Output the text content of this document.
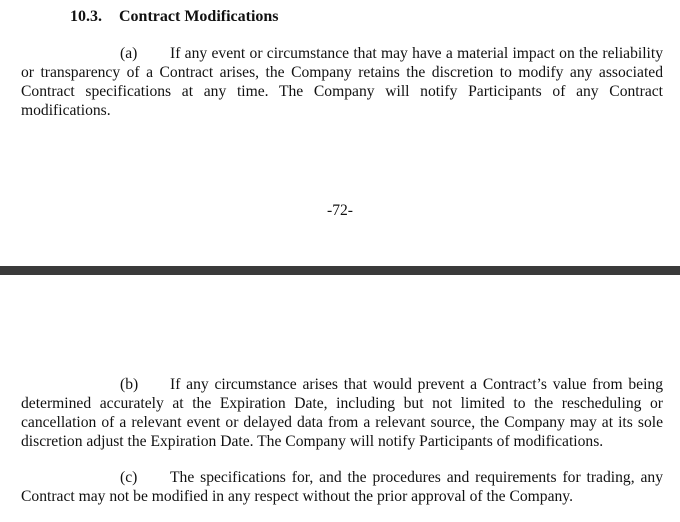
10.3. Contract Modifications

(a) If any event or circumstance that may have a material impact on the reliability or transparency of a Contract arises, the Company retains the discretion to modify any associated Contract specifications at any time. The Company will notify Participants of any Contract modifications.

-72-

(b) If any circumstance arises that would prevent a Contract’s value from being determined accurately at the Expiration Date, including but not limited to the rescheduling or cancellation of a relevant event or delayed data from a relevant source, the Company may at its sole discretion adjust the Expiration Date. The Company will notify Participants of modifications.

(c) The specifications for, and the procedures and requirements for trading, any Contract may not be modified in any respect without the prior approval of the Company.
